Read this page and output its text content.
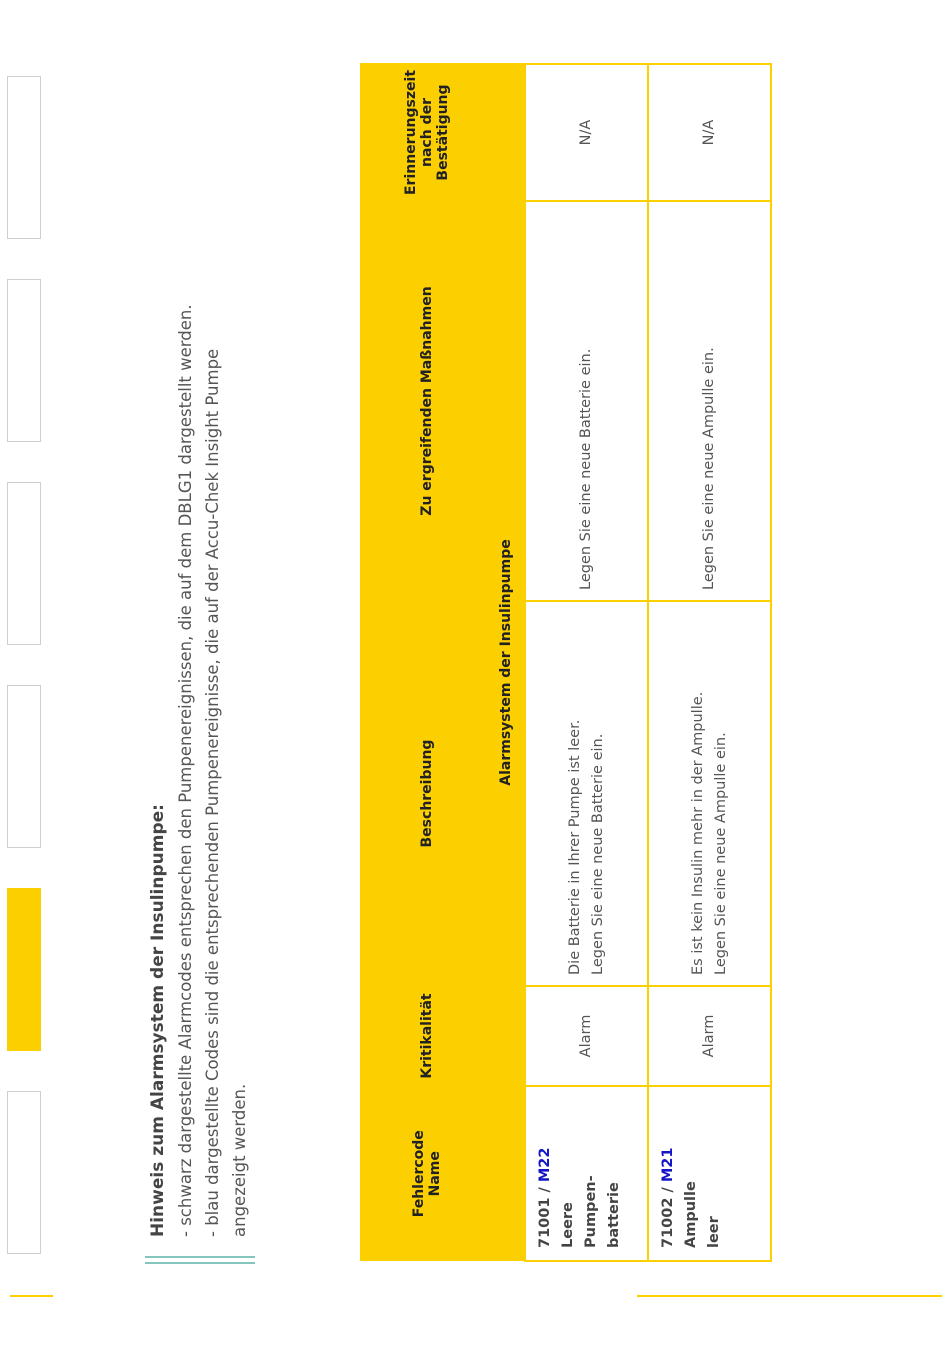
Hinweis zum Alarmsystem der Insulinpumpe: - schwarz dargestellte Alarmcodes entsprechen den Pumpenereignissen, die auf dem DBLG1 dargestellt werden. - blau dargestellte Codes sind die entsprechenden Pumpenereignisse, die auf der Accu-Chek Insight Pumpe angezeigt werden.	Fehlercode
Name	Kritikalität	Beschreibung	Zu ergreifenden Maßnahmen	Erinnerungszeit
nach der
Bestätigung
Alarmsystem der Insulinpumpe				
71001 / M22
Leere
Pumpen-
batterie	Alarm	Die Batterie in Ihrer Pumpe ist leer.
Legen Sie eine neue Batterie ein.	Legen Sie eine neue Batterie ein.	N/A
71002 / M21
Ampulle
leer	Alarm	Es ist kein Insulin mehr in der Ampulle.
Legen Sie eine neue Ampulle ein.	Legen Sie eine neue Ampulle ein.	N/A
